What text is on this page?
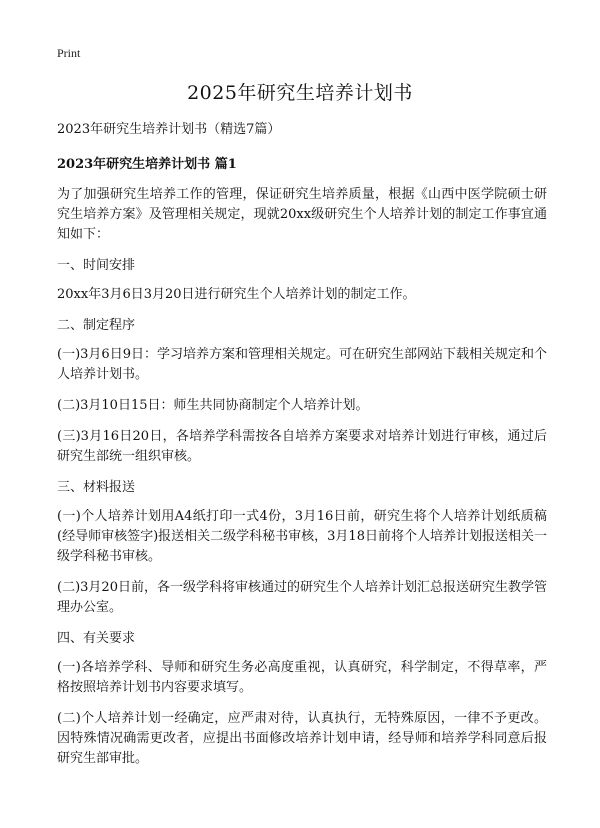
Print
2025年研究生培养计划书

2023年研究生培养计划书（精选7篇）

2023年研究生培养计划书 篇1

为了加强研究生培养工作的管理，保证研究生培养质量，根据《山西中医学院硕士研究生培养方案》及管理相关规定，现就20xx级研究生个人培养计划的制定工作事宜通知如下：

一、时间安排

20xx年3月6日3月20日进行研究生个人培养计划的制定工作。

二、制定程序

(一)3月6日9日：学习培养方案和管理相关规定。可在研究生部网站下载相关规定和个人培养计划书。

(二)3月10日15日：师生共同协商制定个人培养计划。

(三)3月16日20日，各培养学科需按各自培养方案要求对培养计划进行审核，通过后研究生部统一组织审核。

三、材料报送

(一)个人培养计划用A4纸打印一式4份，3月16日前，研究生将个人培养计划纸质稿(经导师审核签字)报送相关二级学科秘书审核，3月18日前将个人培养计划报送相关一级学科秘书审核。

(二)3月20日前，各一级学科将审核通过的研究生个人培养计划汇总报送研究生教学管理办公室。

四、有关要求

(一)各培养学科、导师和研究生务必高度重视，认真研究，科学制定，不得草率，严格按照培养计划书内容要求填写。

(二)个人培养计划一经确定，应严肃对待，认真执行，无特殊原因，一律不予更改。因特殊情况确需更改者，应提出书面修改培养计划申请，经导师和培养学科同意后报研究生部审批。
